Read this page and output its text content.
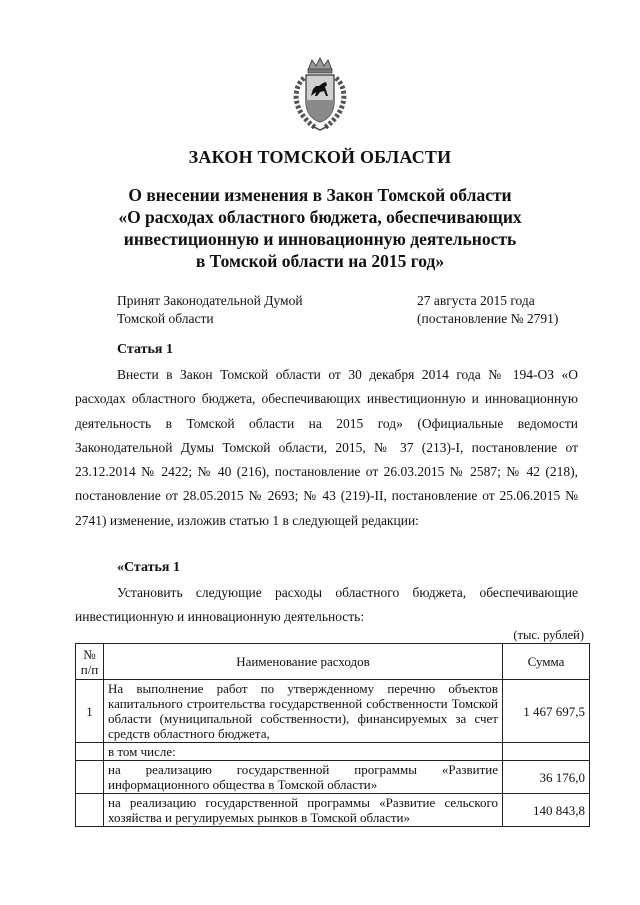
ЗАКОН ТОМСКОЙ ОБЛАСТИ
О внесении изменения в Закон Томской области
«О расходах областного бюджета, обеспечивающих
инвестиционную и инновационную деятельность
в Томской области на 2015 год»
Принят Законодательной Думой
Томской области
27 августа 2015 года
(постановление № 2791)
Статья 1

Внести в Закон Томской области от 30 декабря 2014 года № 194-ОЗ «О расходах областного бюджета, обеспечивающих инвестиционную и инновационную деятельность в Томской области на 2015 год» (Официальные ведомости Законодательной Думы Томской области, 2015, № 37 (213)-I, постановление от 23.12.2014 № 2422; № 40 (216), постановление от 26.03.2015 № 2587; № 42 (218), постановление от 28.05.2015 № 2693; № 43 (219)-II, постановление от 25.06.2015 № 2741) изменение, изложив статью 1 в следующей редакции:

«Статья 1

Установить следующие расходы областного бюджета, обеспечивающие инвестиционную и инновационную деятельность:

(тыс. рублей)
№ п/п	Наименование расходов	Сумма
1	На выполнение работ по утвержденному перечню объектов капитального строительства государственной собственности Томской области (муниципальной собственности), финансируемых за счет средств областного бюджета,	1 467 697,5
	в том числе:	
	на реализацию государственной программы «Развитие информационного общества в Томской области»	36 176,0
	на реализацию государственной программы «Развитие сельского хозяйства и регулируемых рынков в Томской области»	140 843,8
